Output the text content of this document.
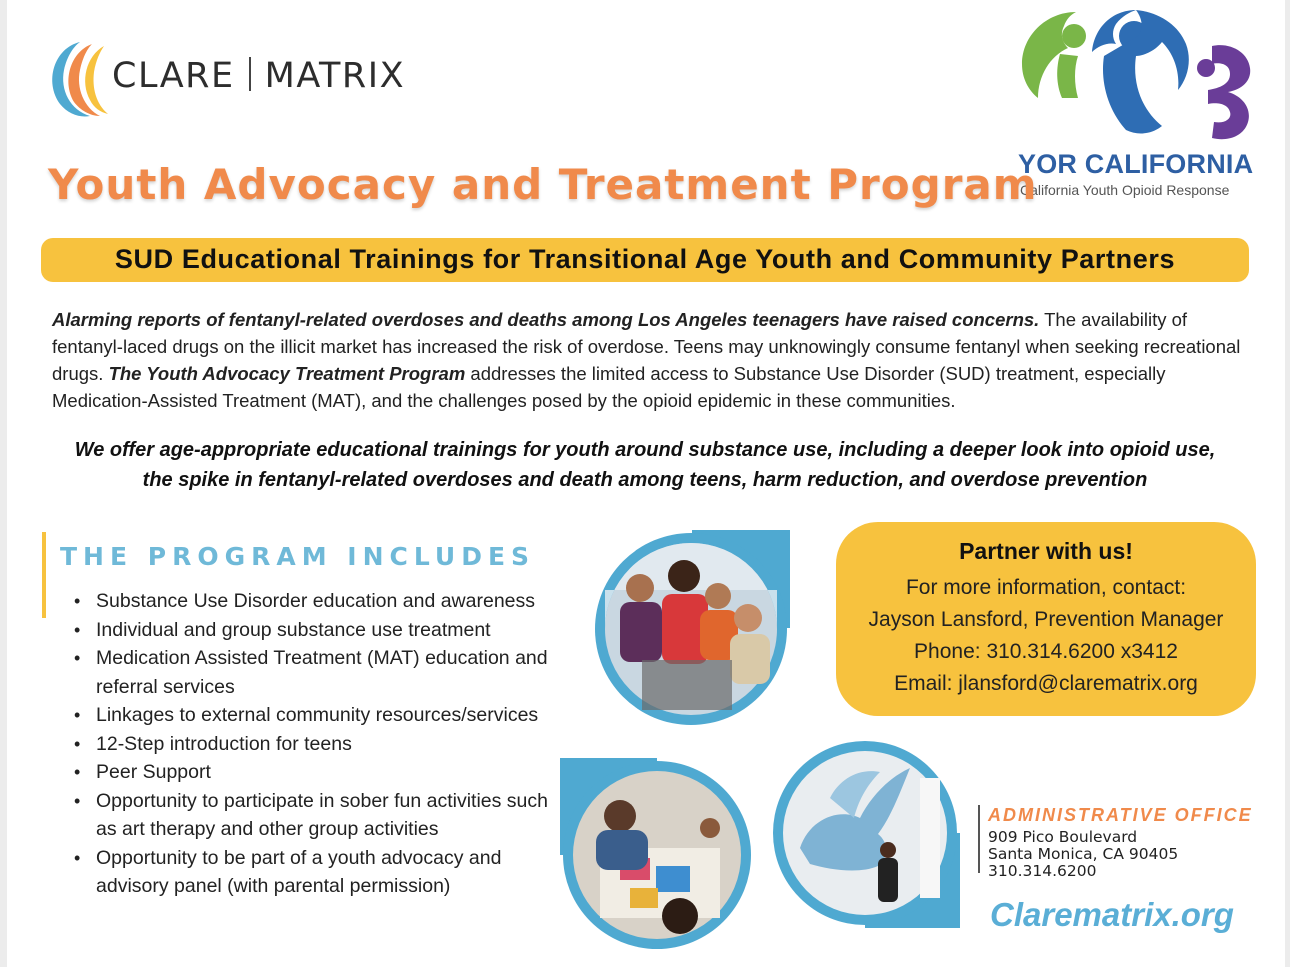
CLARE MATRIX
YOR CALIFORNIA
California Youth Opioid Response
Youth Advocacy and Treatment Program
SUD Educational Trainings for Transitional Age Youth and Community Partners
Alarming reports of fentanyl-related overdoses and deaths among Los Angeles teenagers have raised concerns. The availability of fentanyl-laced drugs on the illicit market has increased the risk of overdose. Teens may unknowingly consume fentanyl when seeking recreational drugs. The Youth Advocacy Treatment Program addresses the limited access to Substance Use Disorder (SUD) treatment, especially Medication-Assisted Treatment (MAT), and the challenges posed by the opioid epidemic in these communities.
We offer age-appropriate educational trainings for youth around substance use, including a deeper look into opioid use, the spike in fentanyl-related overdoses and death among teens, harm reduction, and overdose prevention
THE PROGRAM INCLUDES
• Substance Use Disorder education and awareness
• Individual and group substance use treatment
• Medication Assisted Treatment (MAT) education and referral services
• Linkages to external community resources/services
• 12-Step introduction for teens
• Peer Support
• Opportunity to participate in sober fun activities such as art therapy and other group activities
• Opportunity to be part of a youth advocacy and advisory panel (with parental permission)
Partner with us!
For more information, contact:
Jayson Lansford, Prevention Manager
Phone: 310.314.6200 x3412
Email: jlansford@clarematrix.org
ADMINISTRATIVE OFFICE
909 Pico Boulevard
Santa Monica, CA 90405
310.314.6200
Clarematrix.org
